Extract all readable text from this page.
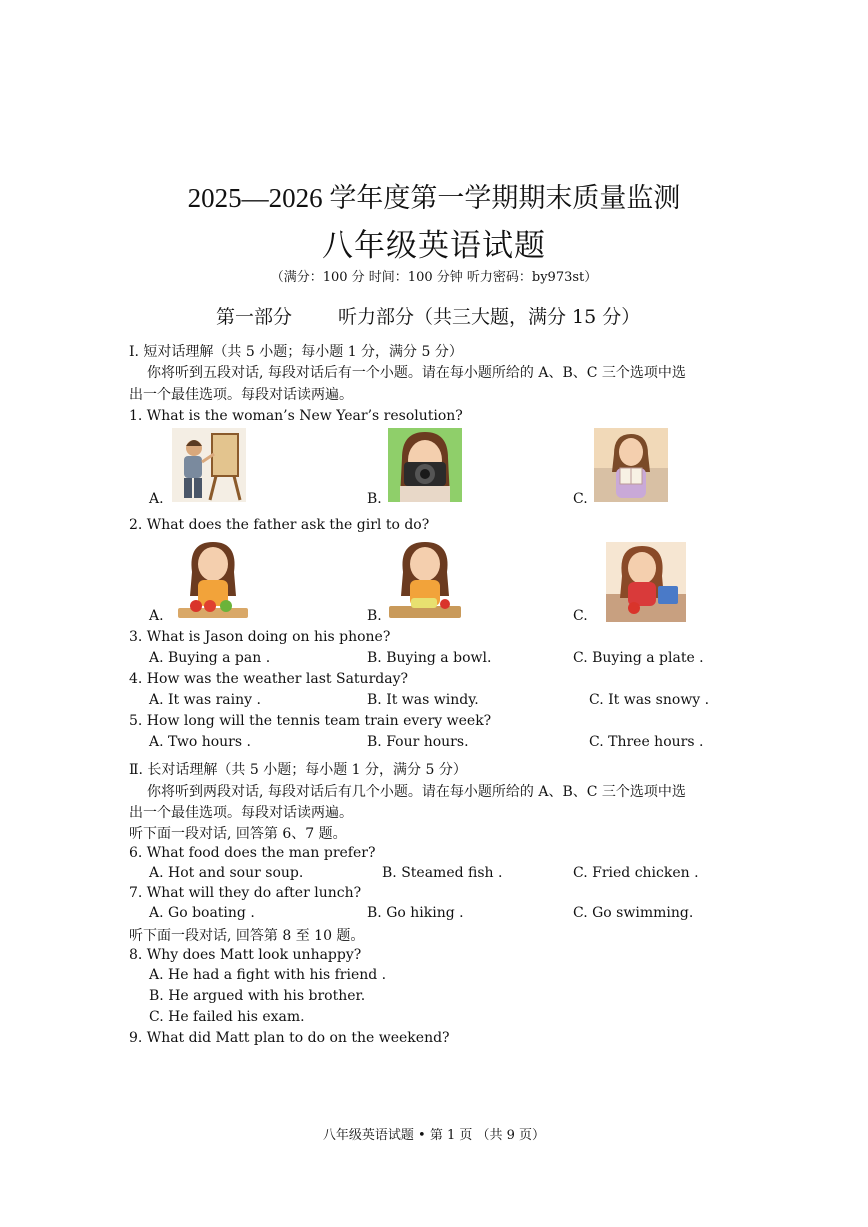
2025—2026 学年度第一学期期末质量监测
八年级英语试题
（满分：100 分 时间：100 分钟 听力密码：by973st）
第一部分 听力部分（共三大题，满分 15 分）
Ⅰ. 短对话理解（共 5 小题；每小题 1 分，满分 5 分）
你将听到五段对话, 每段对话后有一个小题。请在每小题所给的 A、B、C 三个选项中选
出一个最佳选项。每段对话读两遍。
1. What is the woman’s New Year’s resolution?
A.	B.	C.
2. What does the father ask the girl to do?
A.	B.	C.
3. What is Jason doing on his phone?
A. Buying a pan .	B. Buying a bowl.	C. Buying a plate .
4. How was the weather last Saturday?
A. It was rainy .	B. It was windy.	C. It was snowy .
5. How long will the tennis team train every week?
A. Two hours .	B. Four hours.	C. Three hours .
Ⅱ. 长对话理解（共 5 小题；每小题 1 分，满分 5 分）
你将听到两段对话, 每段对话后有几个小题。请在每小题所给的 A、B、C 三个选项中选
出一个最佳选项。每段对话读两遍。
听下面一段对话, 回答第 6、7 题。
6. What food does the man prefer?
A. Hot and sour soup.	B. Steamed fish .	C. Fried chicken .
7. What will they do after lunch?
A. Go boating .	B. Go hiking .	C. Go swimming.
听下面一段对话, 回答第 8 至 10 题。
8. Why does Matt look unhappy?
A. He had a fight with his friend .
B. He argued with his brother.
C. He failed his exam.
9. What did Matt plan to do on the weekend?
八年级英语试题 • 第 1 页 （共 9 页）
